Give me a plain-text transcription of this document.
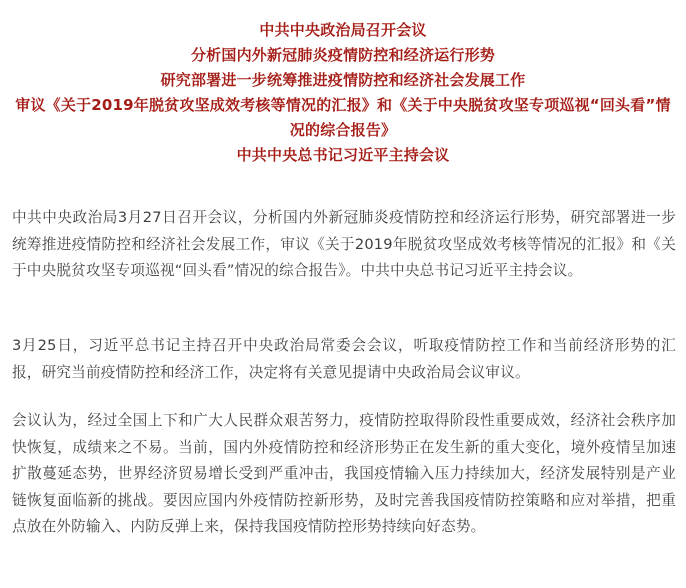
中共中央政治局召开会议

分析国内外新冠肺炎疫情防控和经济运行形势

研究部署进一步统筹推进疫情防控和经济社会发展工作

审议《关于2019年脱贫攻坚成效考核等情况的汇报》和《关于中央脱贫攻坚专项巡视“回头看”情况的综合报告》

中共中央总书记习近平主持会议

中共中央政治局3月27日召开会议，分析国内外新冠肺炎疫情防控和经济运行形势，研究部署进一步统筹推进疫情防控和经济社会发展工作，审议《关于2019年脱贫攻坚成效考核等情况的汇报》和《关于中央脱贫攻坚专项巡视“回头看”情况的综合报告》。中共中央总书记习近平主持会议。

3月25日，习近平总书记主持召开中央政治局常委会会议，听取疫情防控工作和当前经济形势的汇报，研究当前疫情防控和经济工作，决定将有关意见提请中央政治局会议审议。

会议认为，经过全国上下和广大人民群众艰苦努力，疫情防控取得阶段性重要成效，经济社会秩序加快恢复，成绩来之不易。当前，国内外疫情防控和经济形势正在发生新的重大变化，境外疫情呈加速扩散蔓延态势，世界经济贸易增长受到严重冲击，我国疫情输入压力持续加大，经济发展特别是产业链恢复面临新的挑战。要因应国内外疫情防控新形势，及时完善我国疫情防控策略和应对举措，把重点放在外防输入、内防反弹上来，保持我国疫情防控形势持续向好态势。
